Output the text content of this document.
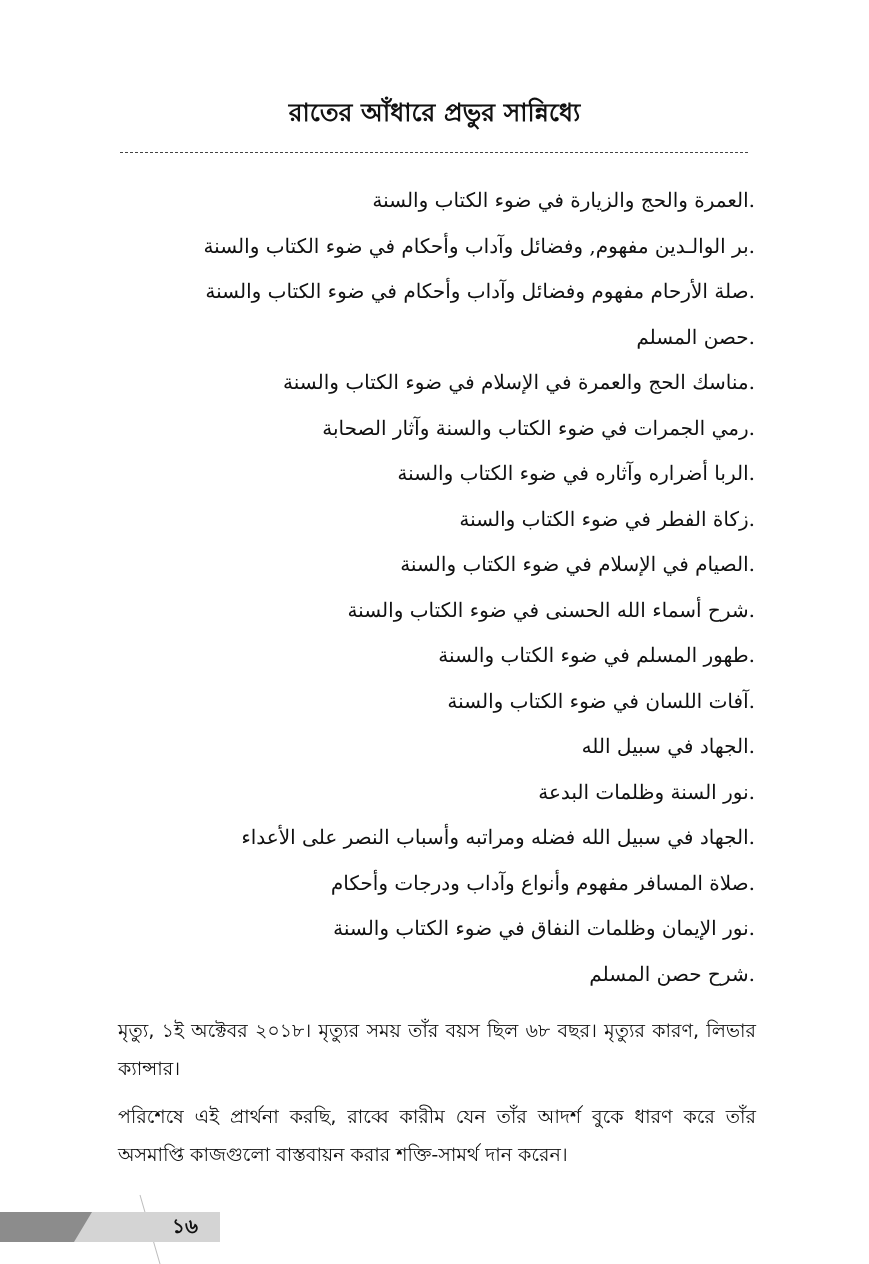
রাতের আঁধারে প্রভুর সান্নিধ্যে
.العمرة والحج والزيارة في ضوء الكتاب والسنة
.بر الوالـدين مفهوم, وفضائل وآداب وأحكام في ضوء الكتاب والسنة
.صلة الأرحام مفهوم وفضائل وآداب وأحكام في ضوء الكتاب والسنة
.حصن المسلم
.مناسك الحج والعمرة في الإسلام في ضوء الكتاب والسنة
.رمي الجمرات في ضوء الكتاب والسنة وآثار الصحابة
.الربا أضراره وآثاره في ضوء الكتاب والسنة
.زكاة الفطر في ضوء الكتاب والسنة
.الصيام في الإسلام في ضوء الكتاب والسنة
.شرح أسماء الله الحسنى في ضوء الكتاب والسنة
.طهور المسلم في ضوء الكتاب والسنة
.آفات اللسان في ضوء الكتاب والسنة
.الجهاد في سبيل الله
.نور السنة وظلمات البدعة
.الجهاد في سبيل الله فضله ومراتبه وأسباب النصر على الأعداء
.صلاة المسافر مفهوم وأنواع وآداب ودرجات وأحكام
.نور الإيمان وظلمات النفاق في ضوء الكتاب والسنة
.شرح حصن المسلم

মৃত্যু, ১ই অক্টেবর ২০১৮। মৃত্যুর সময় তাঁর বয়স ছিল ৬৮ বছর। মৃত্যুর কারণ, লিভার ক্যান্সার।

পরিশেষে এই প্রার্থনা করছি, রাব্বে কারীম যেন তাঁর আদর্শ বুকে ধারণ করে তাঁর অসমাপ্তি কাজগুলো বাস্তবায়ন করার শক্তি-সামর্থ দান করেন।

১৬
